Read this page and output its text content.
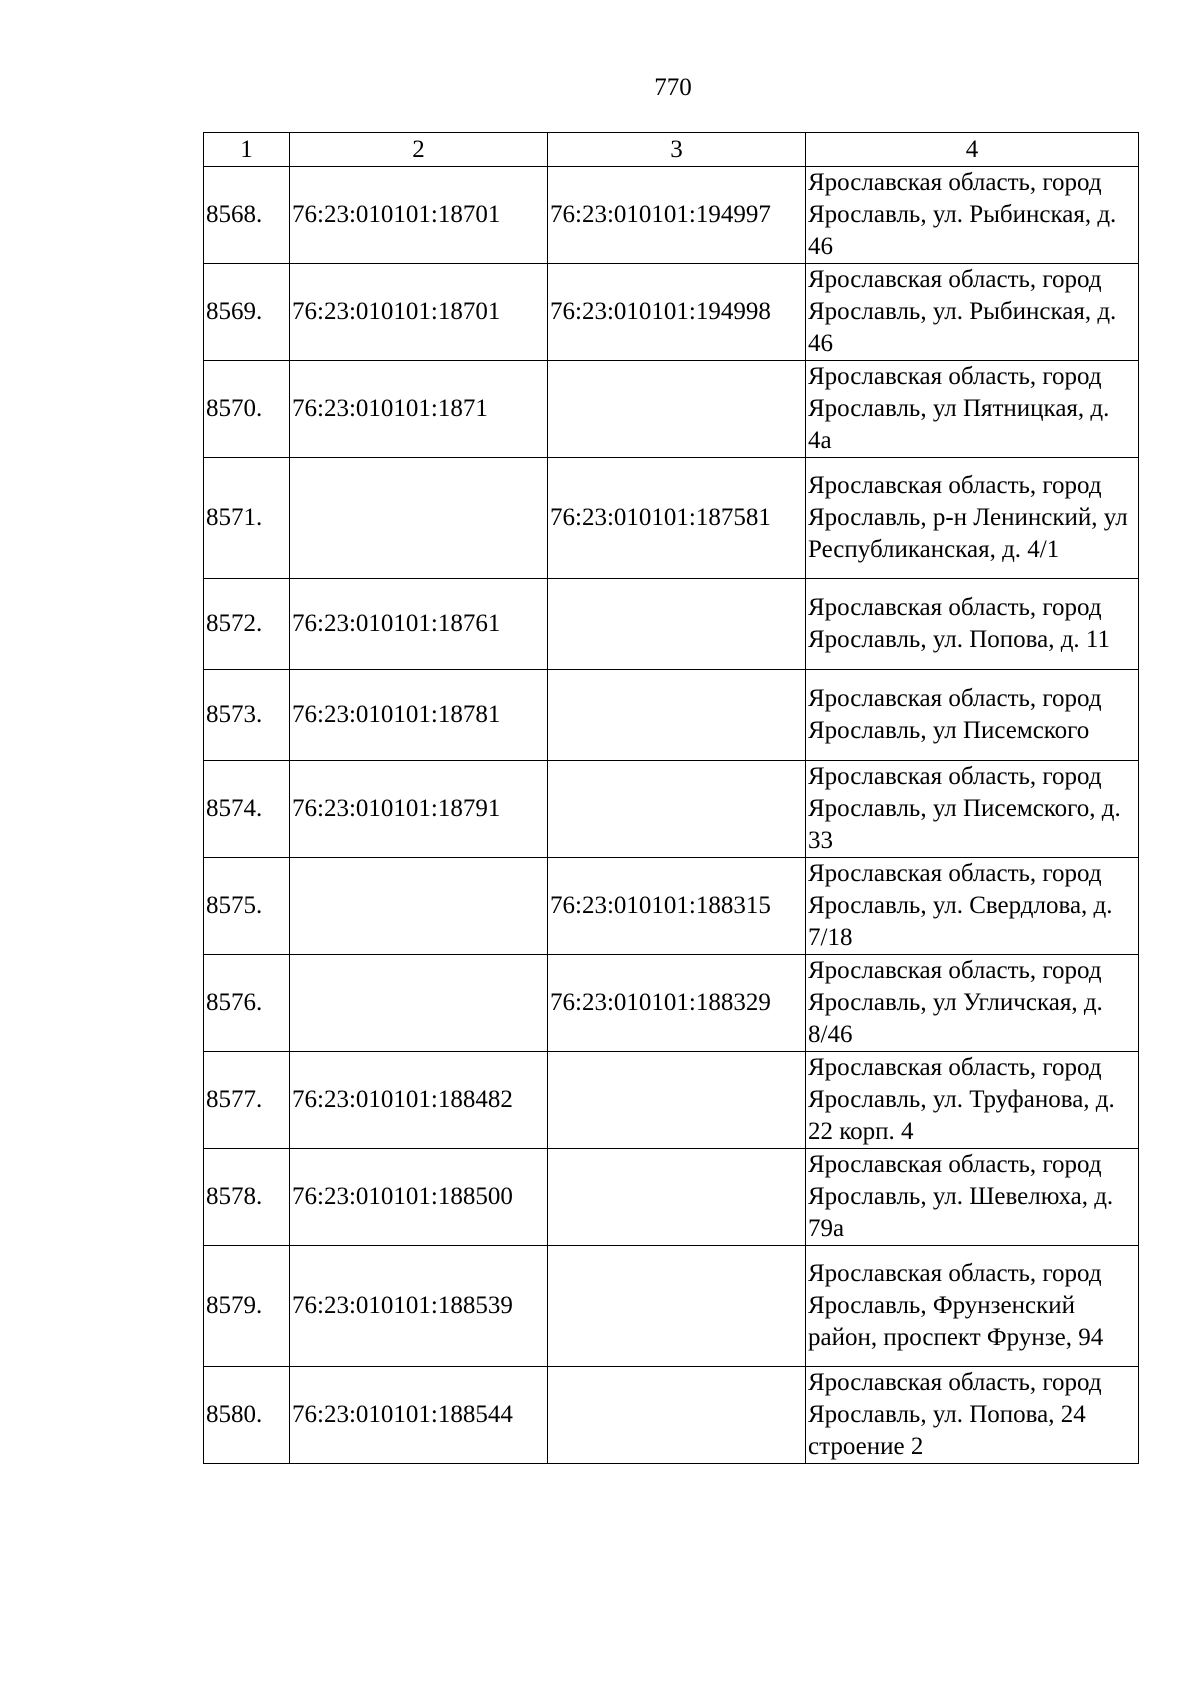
770
1	2	3	4
8568.	76:23:010101:18701	76:23:010101:194997	Ярославская область, город Ярославль, ул. Рыбинская, д. 46
8569.	76:23:010101:18701	76:23:010101:194998	Ярославская область, город Ярославль, ул. Рыбинская, д. 46
8570.	76:23:010101:1871		Ярославская область, город Ярославль, ул Пятницкая, д. 4а
8571.		76:23:010101:187581	Ярославская область, город Ярославль, р-н Ленинский, ул Республиканская, д. 4/1
8572.	76:23:010101:18761		Ярославская область, город Ярославль, ул. Попова, д. 11
8573.	76:23:010101:18781		Ярославская область, город Ярославль, ул Писемского
8574.	76:23:010101:18791		Ярославская область, город Ярославль, ул Писемского, д. 33
8575.		76:23:010101:188315	Ярославская область, город Ярославль, ул. Свердлова, д. 7/18
8576.		76:23:010101:188329	Ярославская область, город Ярославль, ул Угличская, д. 8/46
8577.	76:23:010101:188482		Ярославская область, город Ярославль, ул. Труфанова, д. 22 корп. 4
8578.	76:23:010101:188500		Ярославская область, город Ярославль, ул. Шевелюха, д. 79а
8579.	76:23:010101:188539		Ярославская область, город Ярославль, Фрунзенский район, проспект Фрунзе, 94
8580.	76:23:010101:188544		Ярославская область, город Ярославль, ул. Попова, 24 строение 2
